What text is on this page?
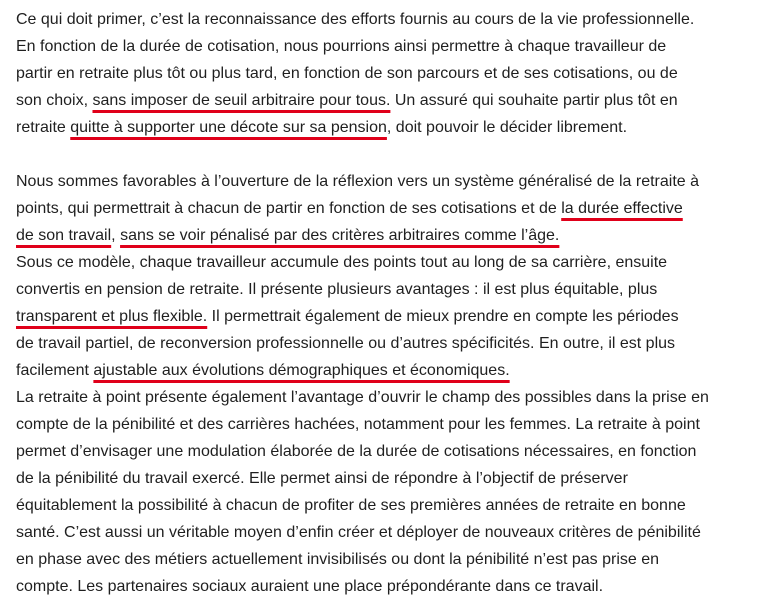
Ce qui doit primer, c’est la reconnaissance des efforts fournis au cours de la vie professionnelle.
En fonction de la durée de cotisation, nous pourrions ainsi permettre à chaque travailleur de
partir en retraite plus tôt ou plus tard, en fonction de son parcours et de ses cotisations, ou de
son choix, sans imposer de seuil arbitraire pour tous. Un assuré qui souhaite partir plus tôt en
retraite quitte à supporter une décote sur sa pension, doit pouvoir le décider librement.
Nous sommes favorables à l’ouverture de la réflexion vers un système généralisé de la retraite à
points, qui permettrait à chacun de partir en fonction de ses cotisations et de la durée effective
de son travail, sans se voir pénalisé par des critères arbitraires comme l’âge.
Sous ce modèle, chaque travailleur accumule des points tout au long de sa carrière, ensuite
convertis en pension de retraite. Il présente plusieurs avantages : il est plus équitable, plus
transparent et plus flexible. Il permettrait également de mieux prendre en compte les périodes
de travail partiel, de reconversion professionnelle ou d’autres spécificités. En outre, il est plus
facilement ajustable aux évolutions démographiques et économiques.
La retraite à point présente également l’avantage d’ouvrir le champ des possibles dans la prise en
compte de la pénibilité et des carrières hachées, notamment pour les femmes. La retraite à point
permet d’envisager une modulation élaborée de la durée de cotisations nécessaires, en fonction
de la pénibilité du travail exercé. Elle permet ainsi de répondre à l’objectif de préserver
équitablement la possibilité à chacun de profiter de ses premières années de retraite en bonne
santé. C’est aussi un véritable moyen d’enfin créer et déployer de nouveaux critères de pénibilité
en phase avec des métiers actuellement invisibilisés ou dont la pénibilité n’est pas prise en
compte. Les partenaires sociaux auraient une place prépondérante dans ce travail.
